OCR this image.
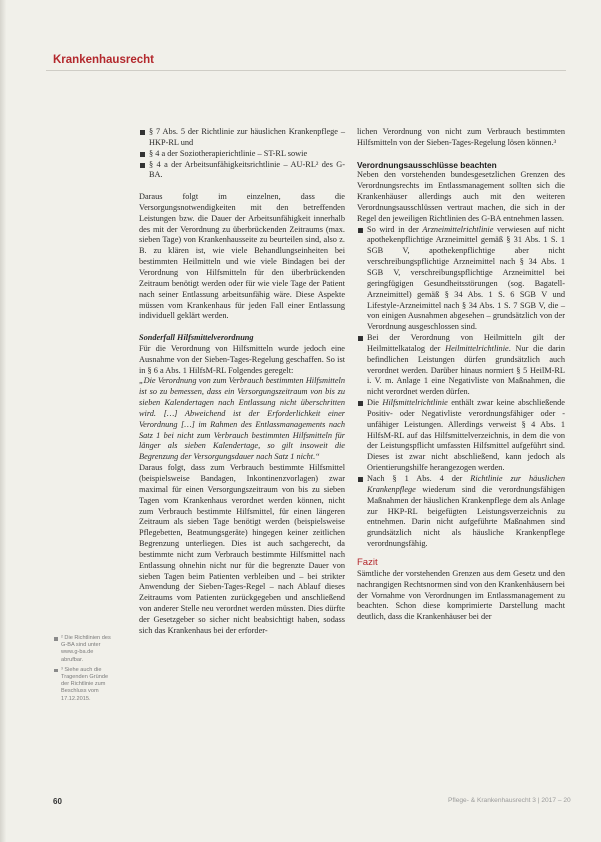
Krankenhausrecht
§ 7 Abs. 5 der Richtlinie zur häuslichen Krankenpflege – HKP-RL und
§ 4 a der Soziotherapierichtlinie – ST-RL sowie
§ 4 a der Arbeitsunfähigkeitsrichtlinie – AU-RL² des G-BA.

Daraus folgt im einzelnen, dass die Versorgungsnotwendigkeiten mit den betreffenden Leistungen bzw. die Dauer der Arbeitsunfähigkeit innerhalb des mit der Verordnung zu überbrückenden Zeitraums (max. sieben Tage) von Krankenhausseite zu beurteilen sind, also z. B. zu klären ist, wie viele Behandlungseinheiten bei bestimmten Heilmitteln und wie viele Bindagen bei der Verordnung von Hilfsmitteln für den überbrückenden Zeitraum benötigt werden oder für wie viele Tage der Patient nach seiner Entlassung arbeitsunfähig wäre. Diese Aspekte müssen vom Krankenhaus für jeden Fall einer Entlassung individuell geklärt werden.

Sonderfall Hilfsmittelverordnung

Für die Verordnung von Hilfsmitteln wurde jedoch eine Ausnahme von der Sieben-Tages-Regelung geschaffen. So ist in § 6 a Abs. 1 HilfsM-RL Folgendes geregelt:

„Die Verordnung von zum Verbrauch bestimmten Hilfsmitteln ist so zu bemessen, dass ein Versorgungszeitraum von bis zu sieben Kalendertagen nach Entlassung nicht überschritten wird. […] Abweichend ist der Erforderlichkeit einer Verordnung […] im Rahmen des Entlassmanagements nach Satz 1 bei nicht zum Verbrauch bestimmten Hilfsmitteln für länger als sieben Kalendertage, so gilt insoweit die Begrenzung der Versorgungsdauer nach Satz 1 nicht.“

Daraus folgt, dass zum Verbrauch bestimmte Hilfsmittel (beispielsweise Bandagen, Inkontinenzvorlagen) zwar maximal für einen Versorgungszeitraum von bis zu sieben Tagen vom Krankenhaus verordnet werden können, nicht zum Verbrauch bestimmte Hilfsmittel, für einen längeren Zeitraum als sieben Tage benötigt werden (beispielsweise Pflegebetten, Beatmungsgeräte) hingegen keiner zeitlichen Begrenzung unterliegen. Dies ist auch sachgerecht, da bestimmte nicht zum Verbrauch bestimmte Hilfsmittel nach Entlassung ohnehin nicht nur für die begrenzte Dauer von sieben Tagen beim Patienten verbleiben und – bei strikter Anwendung der Sieben-Tages-Regel – nach Ablauf dieses Zeitraums vom Patienten zurückgegeben und anschließend von anderer Stelle neu verordnet werden müssten. Dies dürfte der Gesetzgeber so sicher nicht beabsichtigt haben, sodass sich das Krankenhaus bei der erforder-

lichen Verordnung von nicht zum Verbrauch bestimmten Hilfsmitteln von der Sieben-Tages-Regelung lösen können.³

Verordnungsausschlüsse beachten

Neben den vorstehenden bundesgesetzlichen Grenzen des Verordnungsrechts im Entlassmanagement sollten sich die Krankenhäuser allerdings auch mit den weiteren Verordnungsausschlüssen vertraut machen, die sich in der Regel den jeweiligen Richtlinien des G-BA entnehmen lassen.

So wird in der Arzneimittelrichtlinie verwiesen auf nicht apothekenpflichtige Arzneimittel gemäß § 31 Abs. 1 S. 1 SGB V, apothekenpflichtige aber nicht verschreibungspflichtige Arzneimittel nach § 34 Abs. 1 SGB V, verschreibungspflichtige Arzneimittel bei geringfügigen Gesundheitsstörungen (sog. Bagatell-Arzneimittel) gemäß § 34 Abs. 1 S. 6 SGB V und Lifestyle-Arzneimittel nach § 34 Abs. 1 S. 7 SGB V, die – von einigen Ausnahmen abgesehen – grundsätzlich von der Verordnung ausgeschlossen sind.
Bei der Verordnung von Heilmitteln gilt der Heilmittelkatalog der Heilmittelrichtlinie. Nur die darin befindlichen Leistungen dürfen grundsätzlich auch verordnet werden. Darüber hinaus normiert § 5 HeilM-RL i. V. m. Anlage 1 eine Negativliste von Maßnahmen, die nicht verordnet werden dürfen.
Die Hilfsmittelrichtlinie enthält zwar keine abschließende Positiv- oder Negativliste verordnungsfähiger oder -unfähiger Leistungen. Allerdings verweist § 4 Abs. 1 HilfsM-RL auf das Hilfsmittelverzeichnis, in dem die von der Leistungspflicht umfassten Hilfsmittel aufgeführt sind. Dieses ist zwar nicht abschließend, kann jedoch als Orientierungshilfe herangezogen werden.
Nach § 1 Abs. 4 der Richtlinie zur häuslichen Krankenpflege wiederum sind die verordnungsfähigen Maßnahmen der häuslichen Krankenpflege dem als Anlage zur HKP-RL beigefügten Leistungsverzeichnis zu entnehmen. Darin nicht aufgeführte Maßnahmen sind grundsätzlich nicht als häusliche Krankenpflege verordnungsfähig.

Fazit

Sämtliche der vorstehenden Grenzen aus dem Gesetz und den nachrangigen Rechtsnormen sind von den Krankenhäusern bei der Vornahme von Verordnungen im Entlassmanagement zu beachten. Schon diese komprimierte Darstellung macht deutlich, dass die Krankenhäuser bei der

² Die Richtlinien des G-BA sind unter www.g-ba.de abrufbar.
³ Siehe auch die Tragenden Gründe der Richtlinie zum Beschluss vom 17.12.2015.
60	Pflege- & Krankenhausrecht 3 | 2017 – 20
